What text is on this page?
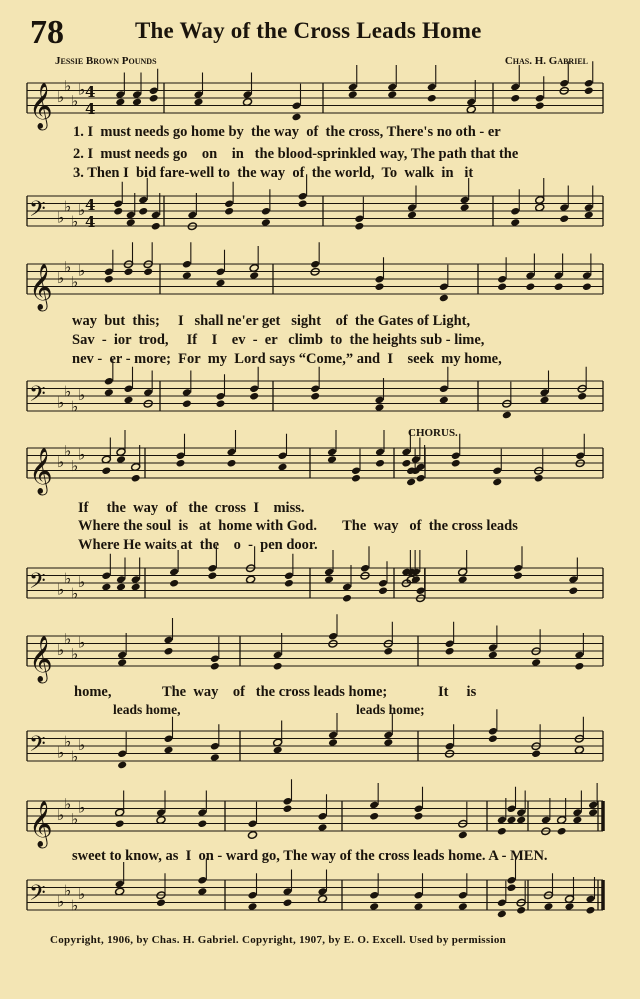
78	The Way of the Cross Leads Home
Jessie Brown Pounds	Chas. H. Gabriel
𝄞 ♭
♭
♭
♭ 4
4
1. I  must needs go home by  the way  of  the cross, There's no oth - er
2. I  must needs go    on    in   the blood-sprinkled way, The path that the
3. Then I  bid fare-well to  the way  of  the world,  To  walk  in   it
𝄢 ♭
♭
♭
♭ 4
4
𝄞 ♭
♭
♭
♭
way  but  this;     I   shall ne'er get   sight    of  the Gates of Light,
Sav  -  ior  trod,     If    I    ev  -  er   climb  to  the heights sub - lime,
nev -  er - more;  For  my  Lord says “Come,” and  I    seek  my home,
𝄢 ♭
♭
♭
♭
CHORUS.
𝄞 ♭
♭
♭
♭
If     the  way  of   the  cross  I    miss.
Where the soul  is   at  home with God.       The  way   of  the cross leads
Where He waits at  the    o  -  pen door.
𝄢 ♭
♭
♭
♭
𝄞 ♭
♭
♭
♭
home,              The  way    of   the cross leads home;              It     is
leads home,                                                    leads home;
𝄢 ♭
♭
♭
♭
𝄞 ♭
♭
♭
♭
sweet to know, as  I  on - ward go, The way of the cross leads home. A - MEN.
𝄢 ♭
♭
♭
♭
Copyright, 1906, by Chas. H. Gabriel. Copyright, 1907, by E. O. Excell. Used by permission
